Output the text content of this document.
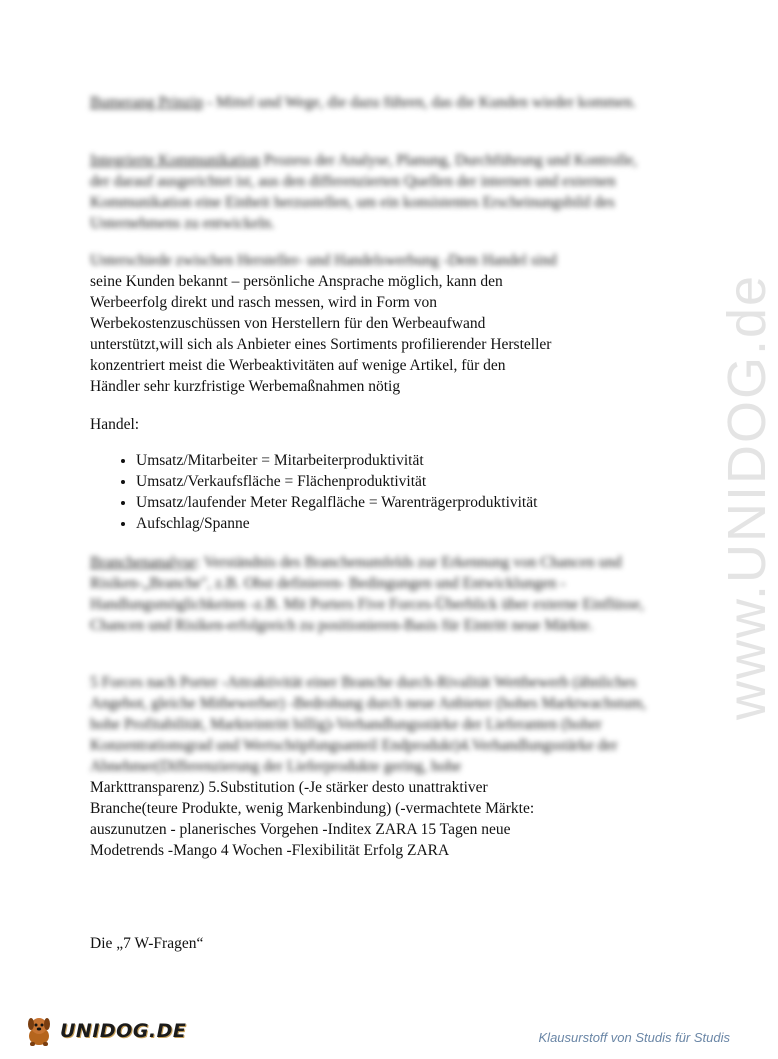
Bumerang Prinzip - Mittel und Wege, die dazu führen, das die Kunden wieder kommen.

Integrierte Kommunikation Prozess der Analyse, Planung, Durchführung und Kontrolle, der darauf ausgerichtet ist, aus den differenzierten Quellen der internen und externen Kommunikation eine Einheit herzustellen, um ein konsistentes Erscheinungsbild des Unternehmens zu entwickeln.

Unterschiede zwischen Hersteller- und Handelswerbung -Dem Handel sind
seine Kunden bekannt – persönliche Ansprache möglich, kann den
Werbeerfolg direkt und rasch messen, wird in Form von
Werbekostenzuschüssen von Herstellern für den Werbeaufwand
unterstützt,will sich als Anbieter eines Sortiments profilierender Hersteller
konzentriert meist die Werbeaktivitäten auf wenige Artikel, für den
Händler sehr kurzfristige Werbemaßnahmen nötig

Handel:

• Umsatz/Mitarbeiter = Mitarbeiterproduktivität
• Umsatz/Verkaufsfläche = Flächenproduktivität
• Umsatz/laufender Meter Regalfläche = Warenträgerproduktivität
• Aufschlag/Spanne

Branchenanalyse: Verständnis des Branchenumfelds zur Erkennung von Chancen und Risiken-„Branche", z.B. Obst definieren- Bedingungen und Entwicklungen - Handlungsmöglichkeiten -z.B. Mit Porters Five Forces-Überblick über externe Einflüsse, Chancen und Risiken-erfolgreich zu positionieren-Basis für Eintritt neue Märkte.

5 Forces nach Porter -Attraktivität einer Branche durch-Rivalität Wettbewerb (ähnliches Angebot, gleiche Mitbewerber) -Bedrohung durch neue Anbieter (hohes Marktwachstum, hohe Profitabilität, Markteintritt billig)-Verhandlungsstärke der Lieferanten (hoher Konzentrationsgrad und Wertschöpfungsanteil Endprodukt)4.Verhandlungsstärke der Abnehmer(Differenzierung der Lieferprodukte gering, hohe
Markttransparenz) 5.Substitution (-Je stärker desto unattraktiver
Branche(teure Produkte, wenig Markenbindung) (-vermachtete Märkte:
auszunutzen - planerisches Vorgehen -Inditex ZARA 15 Tagen neue
Modetrends -Mango 4 Wochen -Flexibilität Erfolg ZARA

Die „7 W-Fragen“

www.UNIDOG.de
UNIDOG.DE	Klausurstoff von Studis für Studis
